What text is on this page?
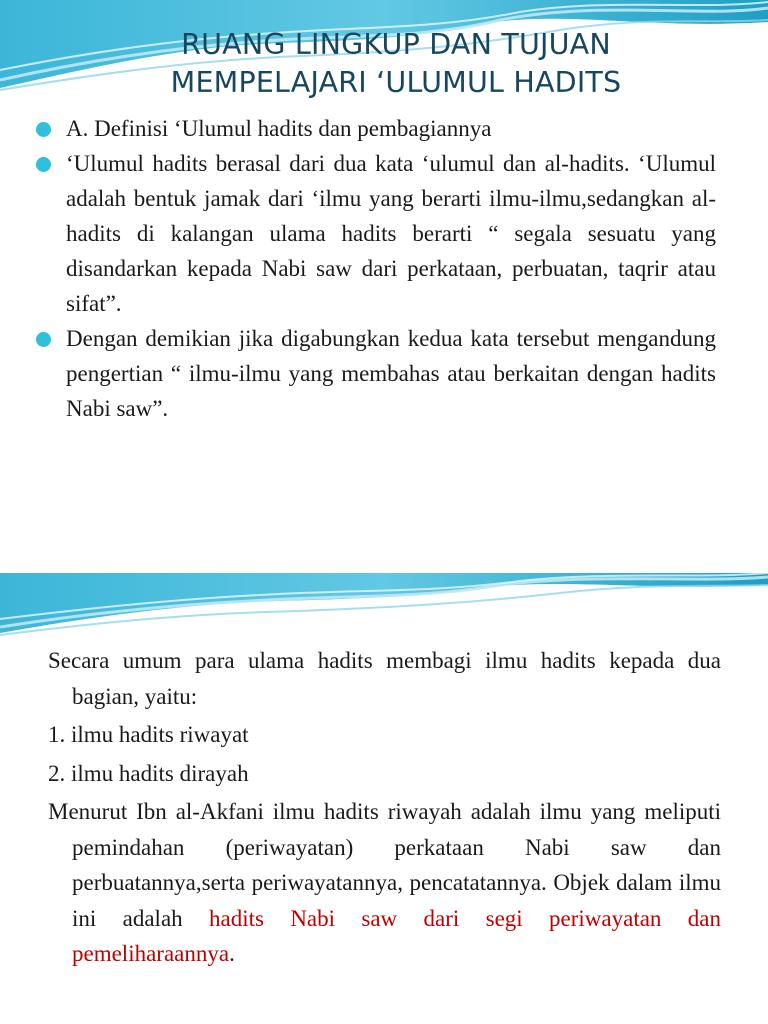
RUANG LINGKUP DAN TUJUAN
MEMPELAJARI ‘ULUMUL HADITS
A. Definisi ‘Ulumul hadits dan pembagiannya
‘Ulumul hadits berasal dari dua kata ‘ulumul dan al-hadits. ‘Ulumul adalah bentuk jamak dari ‘ilmu yang berarti ilmu-ilmu,sedangkan al-hadits di kalangan ulama hadits berarti “ segala sesuatu yang disandarkan kepada Nabi saw dari perkataan, perbuatan, taqrir atau sifat”.
Dengan demikian jika digabungkan kedua kata tersebut mengandung pengertian “ ilmu-ilmu yang membahas atau berkaitan dengan hadits Nabi saw”.

Secara umum para ulama hadits membagi ilmu hadits kepada dua bagian, yaitu:

1. ilmu hadits riwayat

2. ilmu hadits dirayah

Menurut Ibn al-Akfani ilmu hadits riwayah adalah ilmu yang meliputi pemindahan (periwayatan) perkataan Nabi saw dan perbuatannya,serta periwayatannya, pencatatannya. Objek dalam ilmu ini adalah hadits Nabi saw dari segi periwayatan dan pemeliharaannya.
